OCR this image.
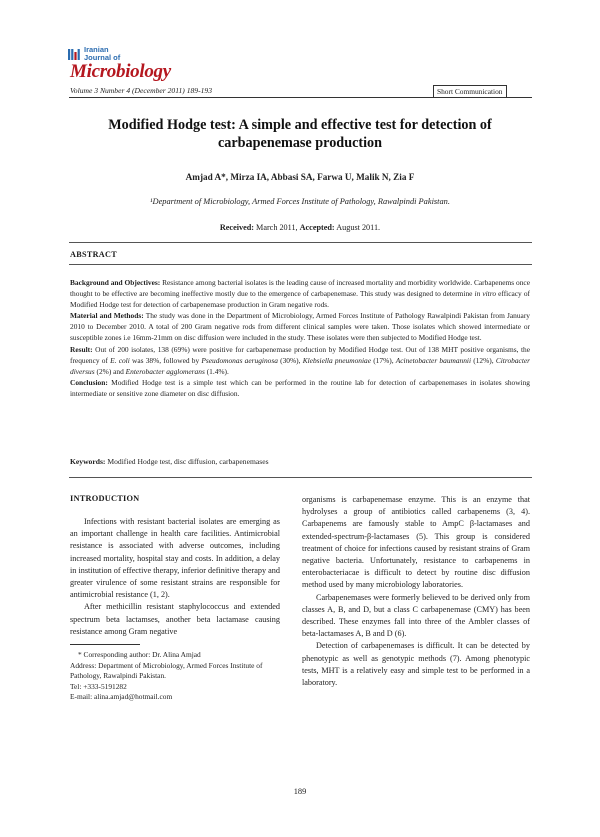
Iranian
Journal of
Microbiology
Volume 3 Number 4 (December 2011) 189-193	Short Communication
Modified Hodge test: A simple and effective test for detection of
carbapenemase production
Amjad A*, Mirza IA, Abbasi SA, Farwa U, Malik N, Zia F
¹Department of Microbiology, Armed Forces Institute of Pathology, Rawalpindi Pakistan.
Received: March 2011, Accepted: August 2011.
ABSTRACT

Background and Objectives: Resistance among bacterial isolates is the leading cause of increased mortality and morbidity worldwide. Carbapenems once thought to be effective are becoming ineffective mostly due to the emergence of carbapenemase. This study was designed to determine in vitro efficacy of Modified Hodge test for detection of carbapenemase production in Gram negative rods.

Material and Methods: The study was done in the Department of Microbiology, Armed Forces Institute of Pathology Rawalpindi Pakistan from January 2010 to December 2010. A total of 200 Gram negative rods from different clinical samples were taken. Those isolates which showed intermediate or susceptible zones i.e 16mm-21mm on disc diffusion were included in the study. These isolates were then subjected to Modified Hodge test.

Result: Out of 200 isolates, 138 (69%) were positive for carbapenemase production by Modified Hodge test. Out of 138 MHT positive organisms, the frequency of E. coli was 38%, followed by Pseudomonas aeruginosa (30%), Klebsiella pneumoniae (17%), Acinetobacter baumannii (12%), Citrobacter diversus (2%) and Enterobacter agglomerans (1.4%).

Conclusion: Modified Hodge test is a simple test which can be performed in the routine lab for detection of carbapenemases in isolates showing intermediate or sensitive zone diameter on disc diffusion.

Keywords: Modified Hodge test, disc diffusion, carbapenemases
INTRODUCTION

Infections with resistant bacterial isolates are emerging as an important challenge in health care facilities. Antimicrobial resistance is associated with adverse outcomes, including increased mortality, hospital stay and costs. In addition, a delay in institution of effective therapy, inferior definitive therapy and greater virulence of some resistant strains are responsible for antimicrobial resistance (1, 2).

After methicillin resistant staphylococcus and extended spectrum beta lactamses, another beta lactamase causing resistance among Gram negative

* Corresponding author: Dr. Alina Amjad

Address: Department of Microbiology, Armed Forces Institute of Pathology, Rawalpindi Pakistan.

Tel: +333-5191282

E-mail: alina.amjad@hotmail.com

organisms is carbapenemase enzyme. This is an enzyme that hydrolyses a group of antibiotics called carbapenems (3, 4). Carbapenems are famously stable to AmpC β-lactamases and extended-spectrum-β-lactamases (5). This group is considered treatment of choice for infections caused by resistant strains of Gram negative bacteria. Unfortunately, resistance to carbapenems in enterobacteriacae is difficult to detect by routine disc diffusion method used by many microbiology laboratories.

Carbapenemases were formerly believed to be derived only from classes A, B, and D, but a class C carbapenemase (CMY) has been described. These enzymes fall into three of the Ambler classes of beta-lactamases A, B and D (6).

Detection of carbapenemases is difficult. It can be detected by phenotypic as well as genotypic methods (7). Among phenotypic tests, MHT is a relatively easy and simple test to be performed in a laboratory.

189
